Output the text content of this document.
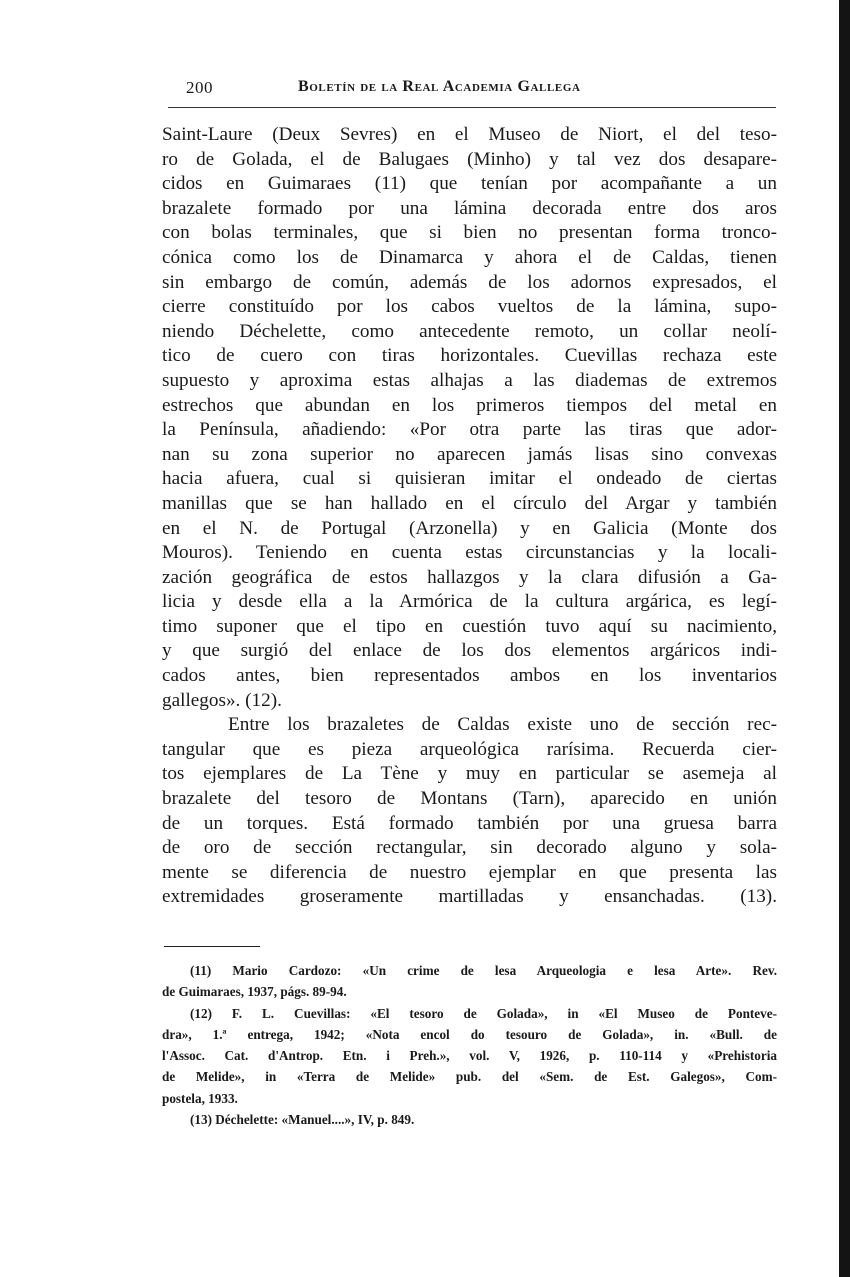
200	Boletín de la Real Academia Gallega
Saint-Laure (Deux Sevres) en el Museo de Niort, el del teso-
ro de Golada, el de Balugaes (Minho) y tal vez dos desapare-
cidos en Guimaraes (11) que tenían por acompañante a un
brazalete formado por una lámina decorada entre dos aros
con bolas terminales, que si bien no presentan forma tronco-
cónica como los de Dinamarca y ahora el de Caldas, tienen
sin embargo de común, además de los adornos expresados, el
cierre constituído por los cabos vueltos de la lámina, supo-
niendo Déchelette, como antecedente remoto, un collar neolí-
tico de cuero con tiras horizontales. Cuevillas rechaza este
supuesto y aproxima estas alhajas a las diademas de extremos
estrechos que abundan en los primeros tiempos del metal en
la Península, añadiendo: «Por otra parte las tiras que ador-
nan su zona superior no aparecen jamás lisas sino convexas
hacia afuera, cual si quisieran imitar el ondeado de ciertas
manillas que se han hallado en el círculo del Argar y también
en el N. de Portugal (Arzonella) y en Galicia (Monte dos
Mouros). Teniendo en cuenta estas circunstancias y la locali-
zación geográfica de estos hallazgos y la clara difusión a Ga-
licia y desde ella a la Armórica de la cultura argárica, es legí-
timo suponer que el tipo en cuestión tuvo aquí su nacimiento,
y que surgió del enlace de los dos elementos argáricos indi-
cados antes, bien representados ambos en los inventarios
gallegos». (12).
Entre los brazaletes de Caldas existe uno de sección rec-
tangular que es pieza arqueológica rarísima. Recuerda cier-
tos ejemplares de La Tène y muy en particular se asemeja al
brazalete del tesoro de Montans (Tarn), aparecido en unión
de un torques. Está formado también por una gruesa barra
de oro de sección rectangular, sin decorado alguno y sola-
mente se diferencia de nuestro ejemplar en que presenta las
extremidades groseramente martilladas y ensanchadas. (13).
(11) Mario Cardozo: «Un crime de lesa Arqueologia e lesa Arte». Rev.
de Guimaraes, 1937, págs. 89-94.
(12) F. L. Cuevillas: «El tesoro de Golada», in «El Museo de Ponteve-
dra», 1.ª entrega, 1942; «Nota encol do tesouro de Golada», in. «Bull. de
l'Assoc. Cat. d'Antrop. Etn. i Preh.», vol. V, 1926, p. 110-114 y «Prehistoria
de Melide», in «Terra de Melide» pub. del «Sem. de Est. Galegos», Com-
postela, 1933.
(13) Déchelette: «Manuel....», IV, p. 849.
